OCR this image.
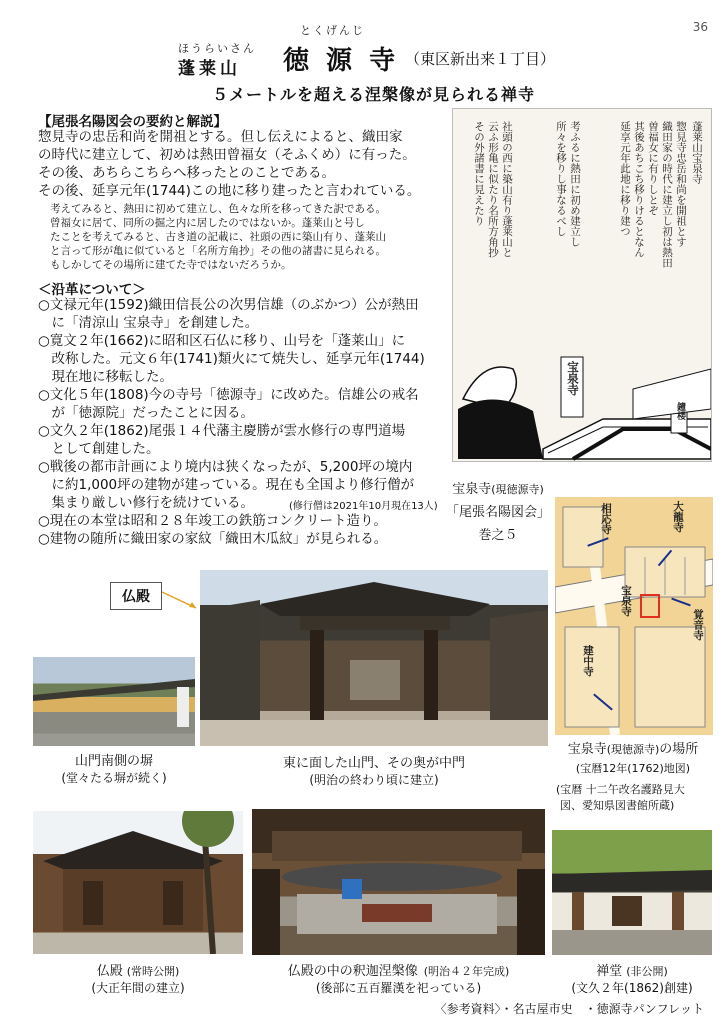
36
ほうらいさん
とくげんじ
蓬莱山 徳 源 寺 （東区新出来１丁目）
５メートルを超える涅槃像が見られる禅寺
【尾張名陽図会の要約と解説】
惣見寺の忠岳和尚を開祖とする。但し伝えによると、織田家
の時代に建立して、初めは熱田曾福女（そふくめ）に有った。
その後、あちらこちらへ移ったとのことである。
その後、延享元年(1744)この地に移り建ったと言われている。
考えてみると、熱田に初めて建立し、色々な所を移ってきた訳である。
曾福女に居て、同所の掘之内に居したのではないか。蓬莱山と号し
たことを考えてみると、古き道の記載に、社頭の西に築山有り、蓬莱山
と言って形が亀に似ていると「名所方角抄」その他の諸書に見られる。
もしかしてその場所に建てた寺ではないだろうか。
＜沿革について＞
○文禄元年(1592)織田信長公の次男信雄（のぶかつ）公が熱田
　に「清涼山 宝泉寺」を創建した。
○寛文２年(1662)に昭和区石仏に移り、山号を「蓬莱山」に
　改称した。元文６年(1741)類火にて焼失し、延享元年(1744)
　現在地に移転した。
○文化５年(1808)今の寺号「徳源寺」に改めた。信雄公の戒名
　が「徳源院」だったことに因る。
○文久２年(1862)尾張１４代藩主慶勝が雲水修行の専門道場
　として創建した。
○戦後の都市計画により境内は狭くなったが、5,200坪の境内
　に約1,000坪の建物が建っている。現在も全国より修行僧が
　集まり厳しい修行を続けている。
○現在の本堂は昭和２８年竣工の鉄筋コンクリート造り。
○建物の随所に織田家の家紋「織田木瓜紋」が見られる。
(修行僧は2021年10月現在13人)
蓬莱山宝泉寺
惣見寺忠岳和尚を開祖とす
織田家の時代に建立し初は熱田
曽福女に有りしとぞ
其後あちこち移りけるとなん
延享元年此地に移り建つ
考ふるに熱田に初め建立し
所々を移りし事なるべし
社頭の西に築山有り蓬莱山と
云ふ形亀に似たり名所方角抄
その外諸書に見えたり
宝泉寺
鐘楼
宝泉寺(現徳源寺)
「尾張名陽図会」
巻之５
相応寺	大龍寺
宝泉寺
覚音寺
建中寺
宝泉寺(現徳源寺)の場所
(宝暦12年(1762)地図)
(宝暦 十二午改名護路見大
図、愛知県図書館所蔵)
仏殿
山門南側の塀
(堂々たる塀が続く)
東に面した山門、その奥が中門
(明治の終わり頃に建立)
仏殿 (常時公開)
(大正年間の建立)
仏殿の中の釈迦涅槃像 (明治４２年完成)
(後部に五百羅漢を祀っている)
禅堂 (非公開)
(文久２年(1862)創建)
〈参考資料〉・名古屋市史　・徳源寺パンフレット
